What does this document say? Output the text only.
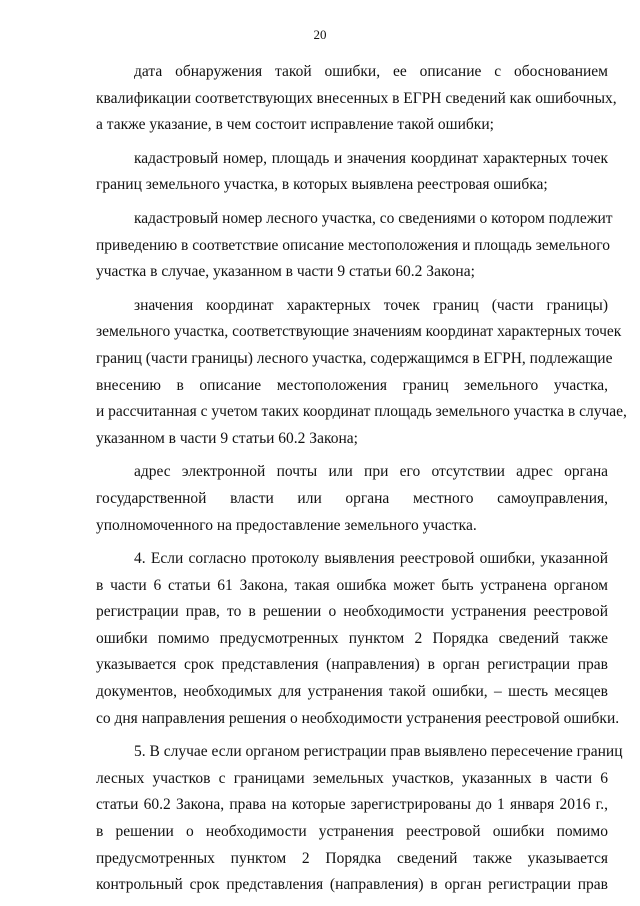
20

дата обнаружения такой ошибки, ее описание с обоснованием
квалификации соответствующих внесенных в ЕГРН сведений как ошибочных,
а также указание, в чем состоит исправление такой ошибки;

кадастровый номер, площадь и значения координат характерных точек
границ земельного участка, в которых выявлена реестровая ошибка;

кадастровый номер лесного участка, со сведениями о котором подлежит
приведению в соответствие описание местоположения и площадь земельного
участка в случае, указанном в части 9 статьи 60.2 Закона;

значения координат характерных точек границ (части границы)
земельного участка, соответствующие значениям координат характерных точек
границ (части границы) лесного участка, содержащимся в ЕГРН, подлежащие
внесению в описание местоположения границ земельного участка,
и рассчитанная с учетом таких координат площадь земельного участка в случае,
указанном в части 9 статьи 60.2 Закона;

адрес электронной почты или при его отсутствии адрес органа
государственной власти или органа местного самоуправления,
уполномоченного на предоставление земельного участка.

4. Если согласно протоколу выявления реестровой ошибки, указанной
в части 6 статьи 61 Закона, такая ошибка может быть устранена органом
регистрации прав, то в решении о необходимости устранения реестровой
ошибки помимо предусмотренных пунктом 2 Порядка сведений также
указывается срок представления (направления) в орган регистрации прав
документов, необходимых для устранения такой ошибки, – шесть месяцев
со дня направления решения о необходимости устранения реестровой ошибки.

5. В случае если органом регистрации прав выявлено пересечение границ
лесных участков с границами земельных участков, указанных в части 6
статьи 60.2 Закона, права на которые зарегистрированы до 1 января 2016 г.,
в решении о необходимости устранения реестровой ошибки помимо
предусмотренных пунктом 2 Порядка сведений также указывается
контрольный срок представления (направления) в орган регистрации прав
